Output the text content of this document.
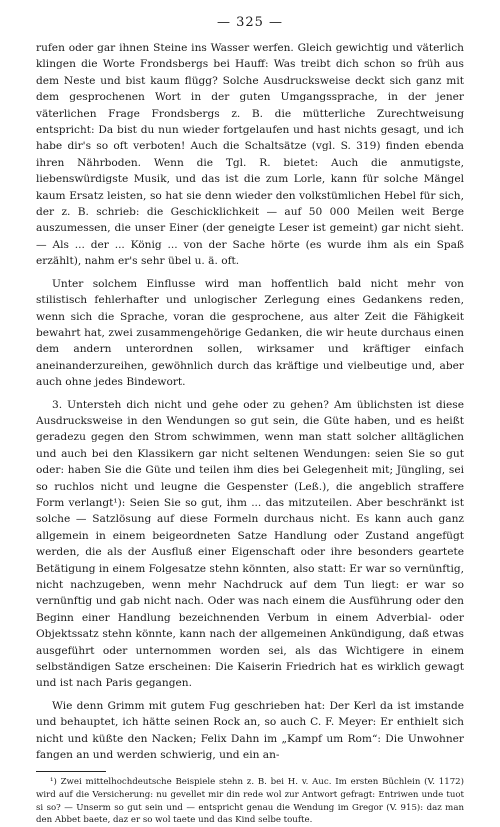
— 325 —

rufen oder gar ihnen Steine ins Wasser werfen. Gleich gewichtig und väterlich klingen die Worte Frondsbergs bei Hauff: Was treibt dich schon so früh aus dem Neste und bist kaum flügg? Solche Ausdrucksweise deckt sich ganz mit dem gesprochenen Wort in der guten Umgangssprache, in der jener väterlichen Frage Frondsbergs z. B. die mütterliche Zurechtweisung entspricht: Da bist du nun wieder fortgelaufen und hast nichts gesagt, und ich habe dir's so oft verboten! Auch die Schaltsätze (vgl. S. 319) finden ebenda ihren Nährboden. Wenn die Tgl. R. bietet: Auch die anmutigste, liebenswürdigste Musik, und das ist die zum Lorle, kann für solche Mängel kaum Ersatz leisten, so hat sie denn wieder den volkstümlichen Hebel für sich, der z. B. schrieb: die Geschicklichkeit — auf 50 000 Meilen weit Berge auszumessen, die unser Einer (der geneigte Leser ist gemeint) gar nicht sieht. — Als ... der ... König ... von der Sache hörte (es wurde ihm als ein Spaß erzählt), nahm er's sehr übel u. ä. oft.

Unter solchem Einflusse wird man hoffentlich bald nicht mehr von stilistisch fehlerhafter und unlogischer Zerlegung eines Gedankens reden, wenn sich die Sprache, voran die gesprochene, aus alter Zeit die Fähigkeit bewahrt hat, zwei zusammengehörige Gedanken, die wir heute durchaus einen dem andern unterordnen sollen, wirksamer und kräftiger einfach aneinanderzureihen, gewöhnlich durch das kräftige und vielbeutige und, aber auch ohne jedes Bindewort.

3. Untersteh dich nicht und gehe oder zu gehen? Am üblichsten ist diese Ausdrucksweise in den Wendungen so gut sein, die Güte haben, und es heißt geradezu gegen den Strom schwimmen, wenn man statt solcher alltäglichen und auch bei den Klassikern gar nicht seltenen Wendungen: seien Sie so gut oder: haben Sie die Güte und teilen ihm dies bei Gelegenheit mit; Jüngling, sei so ruchlos nicht und leugne die Gespenster (Leß.), die angeblich straffere Form verlangt¹): Seien Sie so gut, ihm ... das mitzuteilen. Aber beschränkt ist solche — Satzlösung auf diese Formeln durchaus nicht. Es kann auch ganz allgemein in einem beigeordneten Satze Handlung oder Zustand angefügt werden, die als der Ausfluß einer Eigenschaft oder ihre besonders geartete Betätigung in einem Folgesatze stehn könnten, also statt: Er war so vernünftig, nicht nachzugeben, wenn mehr Nachdruck auf dem Tun liegt: er war so vernünftig und gab nicht nach. Oder was nach einem die Ausführung oder den Beginn einer Handlung bezeichnenden Verbum in einem Adverbial- oder Objektssatz stehn könnte, kann nach der allgemeinen Ankündigung, daß etwas ausgeführt oder unternommen worden sei, als das Wichtigere in einem selbständigen Satze erscheinen: Die Kaiserin Friedrich hat es wirklich gewagt und ist nach Paris gegangen.

Wie denn Grimm mit gutem Fug geschrieben hat: Der Kerl da ist imstande und behauptet, ich hätte seinen Rock an, so auch C. F. Meyer: Er enthielt sich nicht und küßte den Nacken; Felix Dahn im „Kampf um Rom“: Die Unwohner fangen an und werden schwierig, und ein an-

¹) Zwei mittelhochdeutsche Beispiele stehn z. B. bei H. v. Auc. Im ersten Büchlein (V. 1172) wird auf die Versicherung: nu gevellet mir din rede wol zur Antwort gefragt: Entriwen unde tuot si so? — Unserm so gut sein und — entspricht genau die Wendung im Gregor (V. 915): daz man den Abbet baete, daz er so wol taete und das Kind selbe toufte.
